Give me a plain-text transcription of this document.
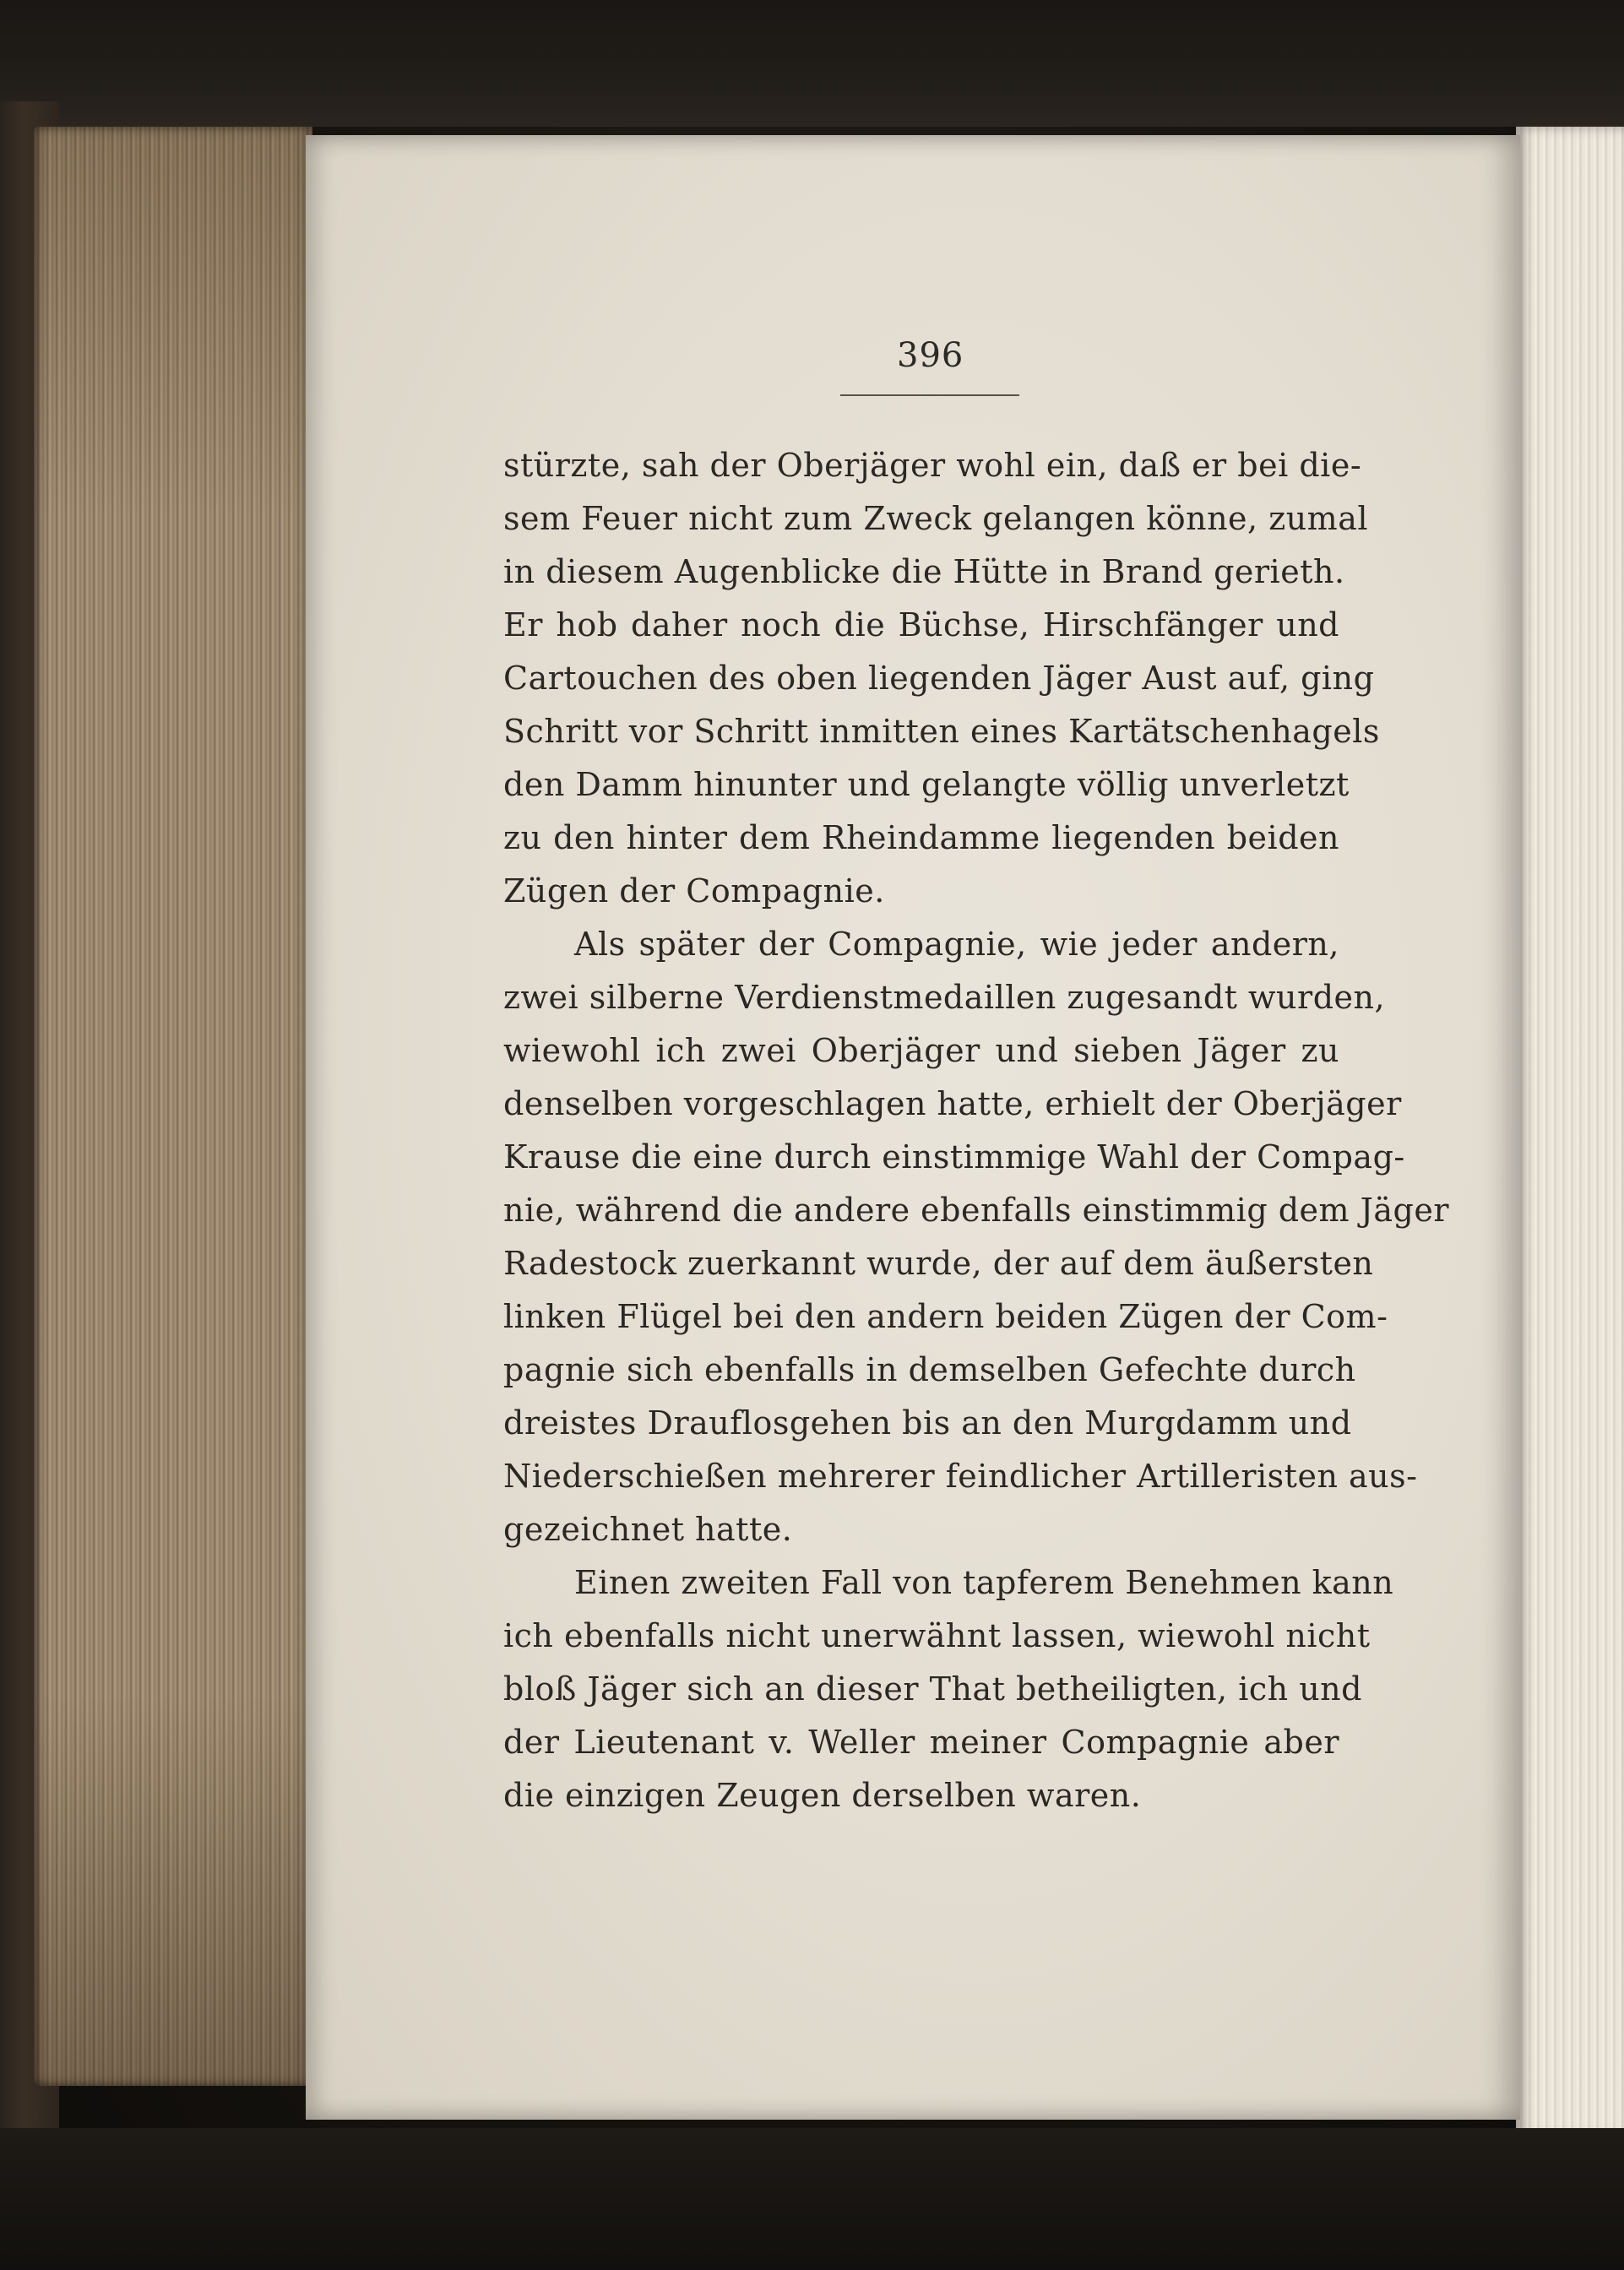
396
stürzte, sah der Oberjäger wohl ein, daß er bei die-
sem Feuer nicht zum Zweck gelangen könne, zumal
in diesem Augenblicke die Hütte in Brand gerieth.
Er hob daher noch die Büchse, Hirschfänger und
Cartouchen des oben liegenden Jäger Aust auf, ging
Schritt vor Schritt inmitten eines Kartätschenhagels
den Damm hinunter und gelangte völlig unverletzt
zu den hinter dem Rheindamme liegenden beiden
Zügen der Compagnie.
Als später der Compagnie, wie jeder andern,
zwei silberne Verdienstmedaillen zugesandt wurden,
wiewohl ich zwei Oberjäger und sieben Jäger zu
denselben vorgeschlagen hatte, erhielt der Oberjäger
Krause die eine durch einstimmige Wahl der Compag-
nie, während die andere ebenfalls einstimmig dem Jäger
Radestock zuerkannt wurde, der auf dem äußersten
linken Flügel bei den andern beiden Zügen der Com-
pagnie sich ebenfalls in demselben Gefechte durch
dreistes Drauflosgehen bis an den Murgdamm und
Niederschießen mehrerer feindlicher Artilleristen aus-
gezeichnet hatte.
Einen zweiten Fall von tapferem Benehmen kann
ich ebenfalls nicht unerwähnt lassen, wiewohl nicht
bloß Jäger sich an dieser That betheiligten, ich und
der Lieutenant v. Weller meiner Compagnie aber
die einzigen Zeugen derselben waren.
